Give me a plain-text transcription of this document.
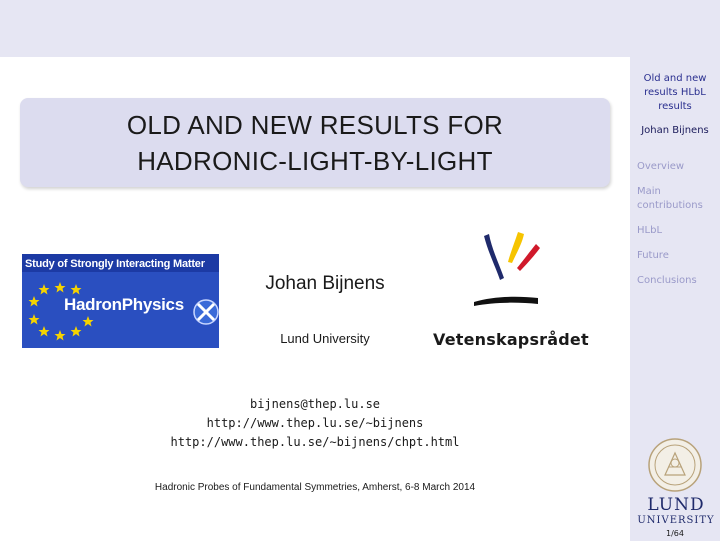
Old and new
results HLbL
results
Johan Bijnens
Overview
Main contributions
HLbL
Future
Conclusions
LUND
UNIVERSITY
1/64
OLD AND NEW RESULTS FOR
HADRONIC-LIGHT-BY-LIGHT
Study of Strongly Interacting Matter
HadronPhysics
Johan Bijnens
Lund University	Vetenskapsrådet
bijnens@thep.lu.se
http://www.thep.lu.se/∼bijnens
http://www.thep.lu.se/∼bijnens/chpt.html
Hadronic Probes of Fundamental Symmetries, Amherst, 6-8 March 2014
